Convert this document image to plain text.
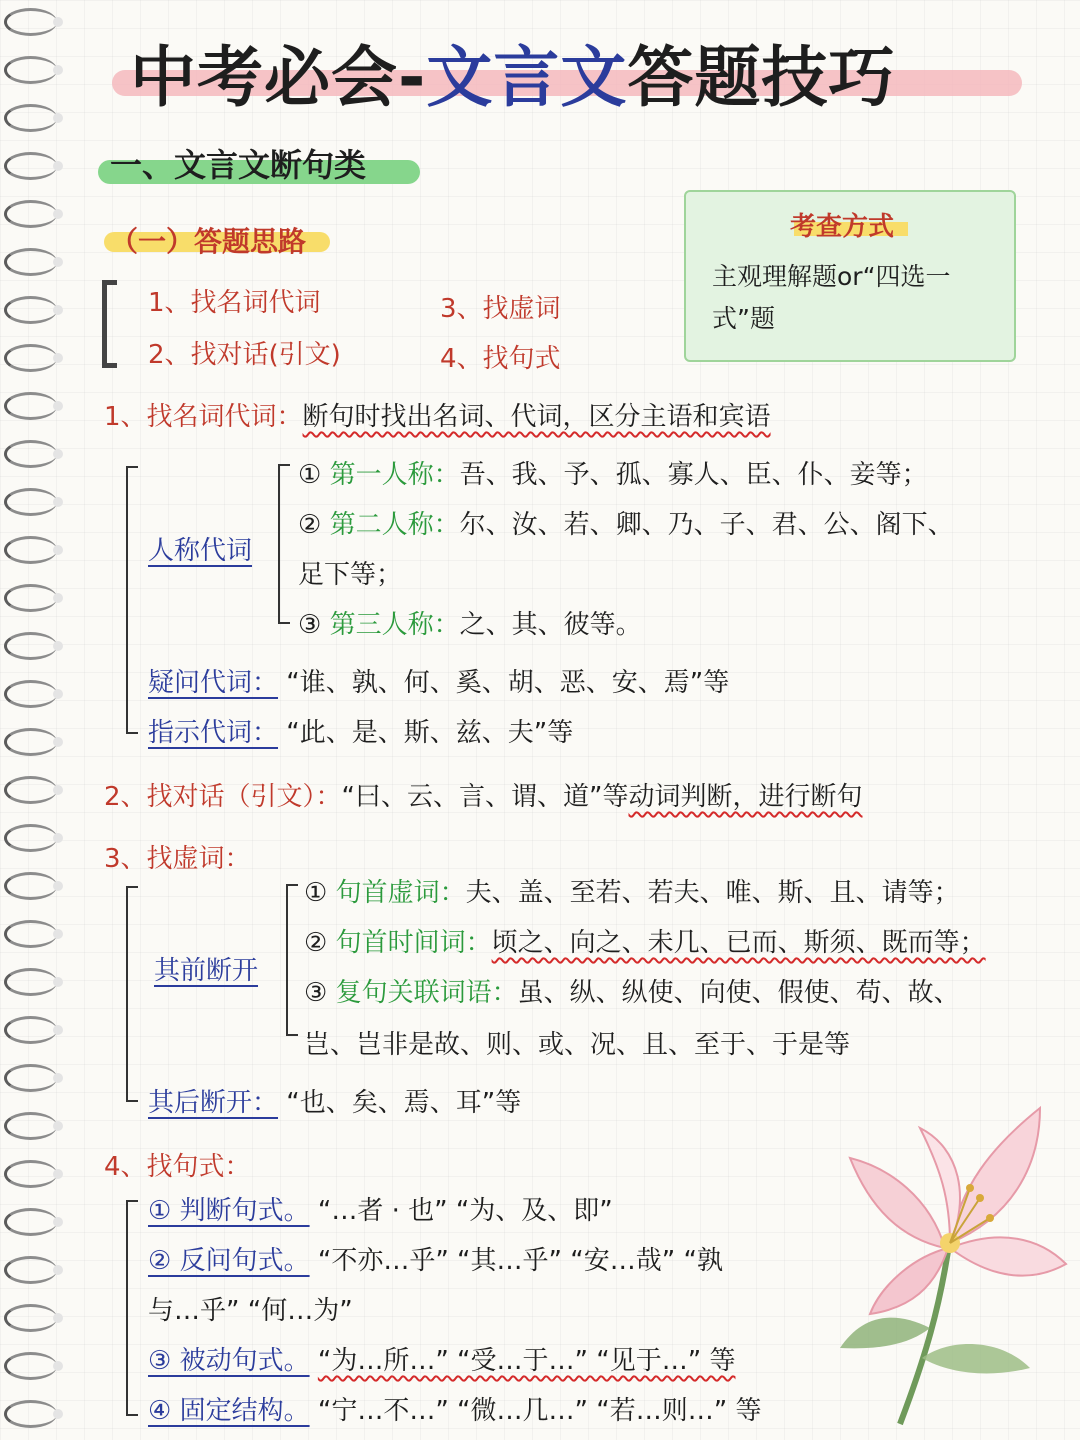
中考必会-文言文答题技巧
一、文言文断句类
（一）答题思路
1、找名词代词
2、找对话(引文)
3、找虚词
4、找句式
考查方式
主观理解题or“四选一式”题
1、找名词代词：断句时找出名词、代词，区分主语和宾语
人称代词
① 第一人称：吾、我、予、孤、寡人、臣、仆、妾等；
② 第二人称：尔、汝、若、卿、乃、子、君、公、阁下、
足下等；
③ 第三人称：之、其、彼等。
疑问代词： “谁、孰、何、奚、胡、恶、安、焉”等
指示代词： “此、是、斯、兹、夫”等
2、找对话（引文）：“曰、云、言、谓、道”等动词判断，进行断句
3、找虚词：
其前断开
① 句首虚词：夫、盖、至若、若夫、唯、斯、且、请等；
② 句首时间词：顷之、向之、未几、已而、斯须、既而等；
③ 复句关联词语：虽、纵、纵使、向使、假使、苟、故、
岂、岂非是故、则、或、况、且、至于、于是等
其后断开： “也、矣、焉、耳”等
4、找句式：
① 判断句式。 “…者 · 也” “为、及、即”
② 反问句式。 “不亦…乎” “其…乎” “安…哉” “孰
与…乎” “何…为”
③ 被动句式。 “为…所…” “受…于…” “见于…” 等
④ 固定结构。 “宁…不…” “微…几…” “若…则…” 等
